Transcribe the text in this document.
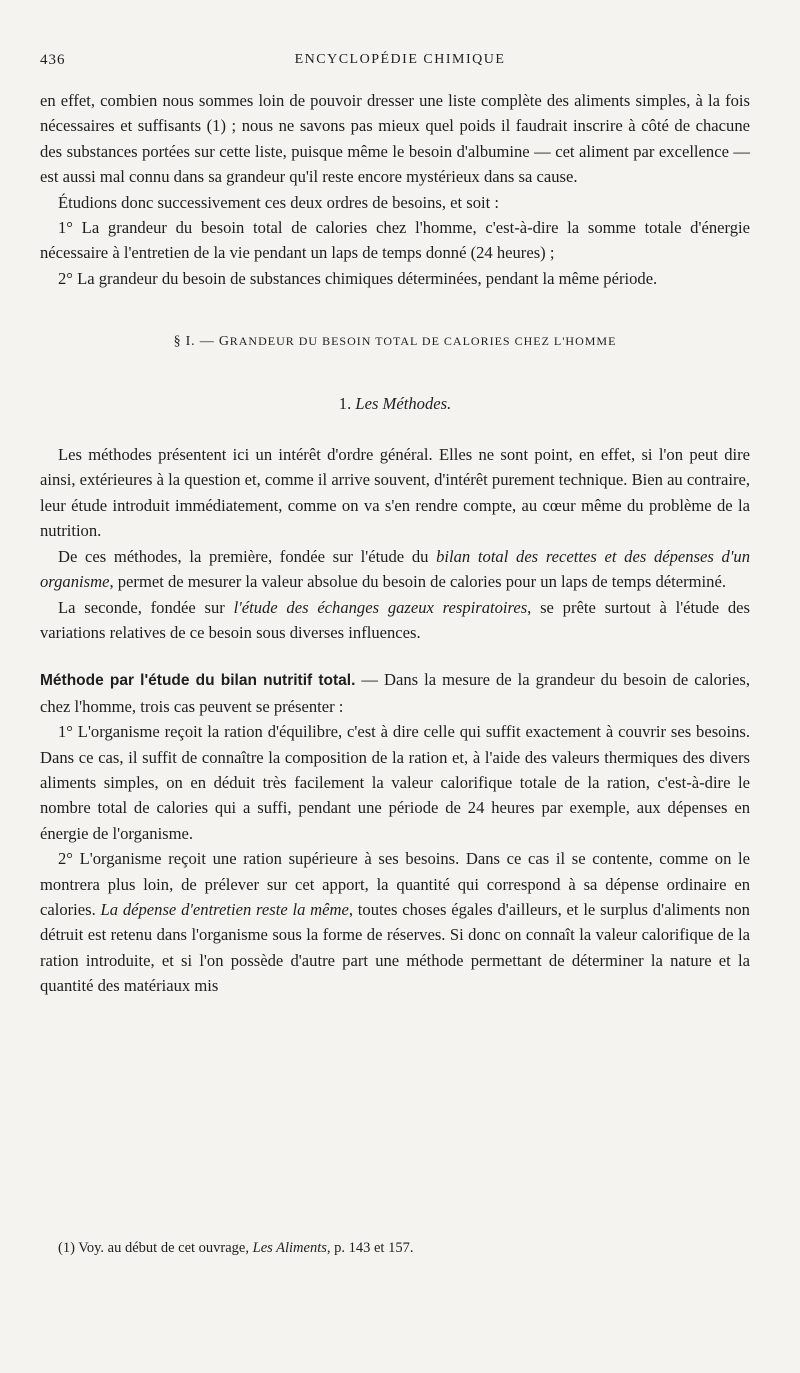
436	ENCYCLOPÉDIE CHIMIQUE

en effet, combien nous sommes loin de pouvoir dresser une liste complète des aliments simples, à la fois nécessaires et suffisants (1) ; nous ne savons pas mieux quel poids il faudrait inscrire à côté de chacune des substances portées sur cette liste, puisque même le besoin d'albumine — cet aliment par excellence — est aussi mal connu dans sa grandeur qu'il reste encore mystérieux dans sa cause.

Étudions donc successivement ces deux ordres de besoins, et soit :

1° La grandeur du besoin total de calories chez l'homme, c'est-à-dire la somme totale d'énergie nécessaire à l'entretien de la vie pendant un laps de temps donné (24 heures) ;

2° La grandeur du besoin de substances chimiques déterminées, pendant la même période.

§ I. — GRANDEUR DU BESOIN TOTAL DE CALORIES CHEZ L'HOMME
1. Les Méthodes.

Les méthodes présentent ici un intérêt d'ordre général. Elles ne sont point, en effet, si l'on peut dire ainsi, extérieures à la question et, comme il arrive souvent, d'intérêt purement technique. Bien au contraire, leur étude introduit immédiatement, comme on va s'en rendre compte, au cœur même du problème de la nutrition.

De ces méthodes, la première, fondée sur l'étude du bilan total des recettes et des dépenses d'un organisme, permet de mesurer la valeur absolue du besoin de calories pour un laps de temps déterminé.

La seconde, fondée sur l'étude des échanges gazeux respiratoires, se prête surtout à l'étude des variations relatives de ce besoin sous diverses influences.

Méthode par l'étude du bilan nutritif total. — Dans la mesure de la grandeur du besoin de calories, chez l'homme, trois cas peuvent se présenter :

1° L'organisme reçoit la ration d'équilibre, c'est à dire celle qui suffit exactement à couvrir ses besoins. Dans ce cas, il suffit de connaître la composition de la ration et, à l'aide des valeurs thermiques des divers aliments simples, on en déduit très facilement la valeur calorifique totale de la ration, c'est-à-dire le nombre total de calories qui a suffi, pendant une période de 24 heures par exemple, aux dépenses en énergie de l'organisme.

2° L'organisme reçoit une ration supérieure à ses besoins. Dans ce cas il se contente, comme on le montrera plus loin, de prélever sur cet apport, la quantité qui correspond à sa dépense ordinaire en calories. La dépense d'entretien reste la même, toutes choses égales d'ailleurs, et le surplus d'aliments non détruit est retenu dans l'organisme sous la forme de réserves. Si donc on connaît la valeur calorifique de la ration introduite, et si l'on possède d'autre part une méthode permettant de déterminer la nature et la quantité des matériaux mis

(1) Voy. au début de cet ouvrage, Les Aliments, p. 143 et 157.
